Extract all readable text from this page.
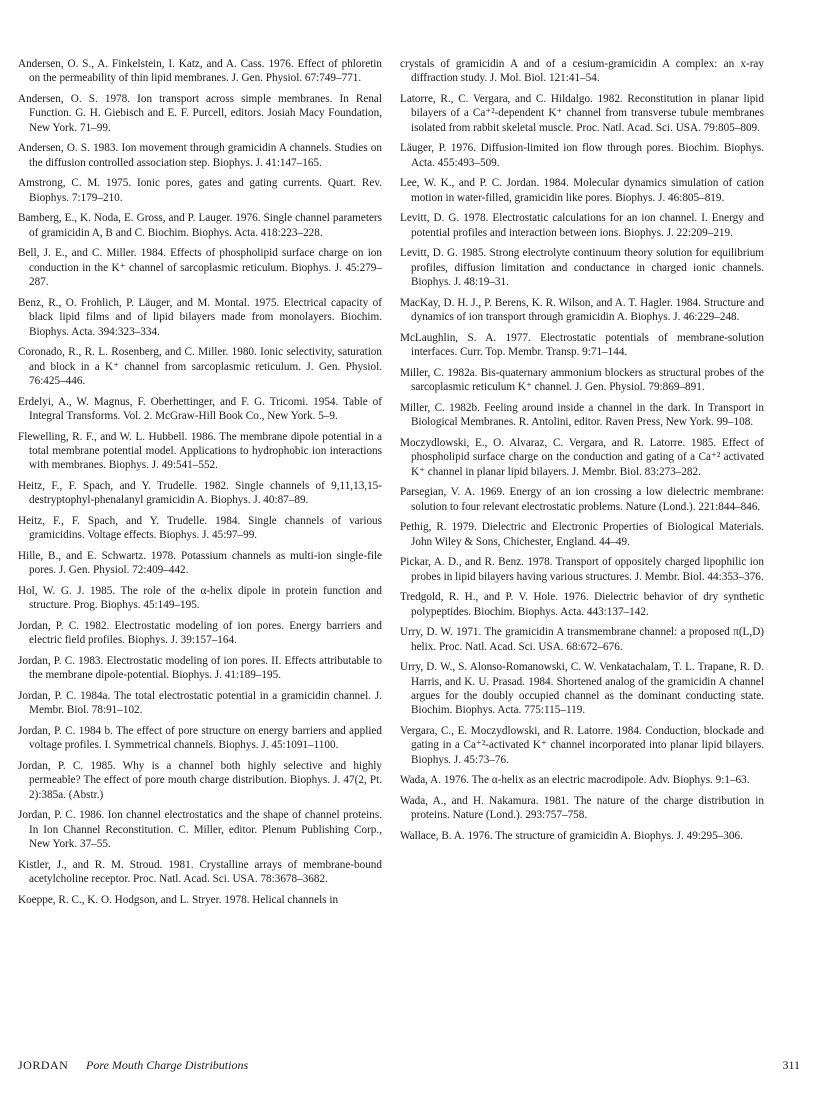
Andersen, O. S., A. Finkelstein, I. Katz, and A. Cass. 1976. Effect of phloretin on the permeability of thin lipid membranes. J. Gen. Physiol. 67:749–771.

Andersen, O. S. 1978. Ion transport across simple membranes. In Renal Function. G. H. Giebisch and E. F. Purcell, editors. Josiah Macy Foundation, New York. 71–99.

Andersen, O. S. 1983. Ion movement through gramicidin A channels. Studies on the diffusion controlled association step. Biophys. J. 41:147–165.

Amstrong, C. M. 1975. Ionic pores, gates and gating currents. Quart. Rev. Biophys. 7:179–210.

Bamberg, E., K. Noda, E. Gross, and P. Lauger. 1976. Single channel parameters of gramicidin A, B and C. Biochim. Biophys. Acta. 418:223–228.

Bell, J. E., and C. Miller. 1984. Effects of phospholipid surface charge on ion conduction in the K⁺ channel of sarcoplasmic reticulum. Biophys. J. 45:279–287.

Benz, R., O. Frohlich, P. Läuger, and M. Montal. 1975. Electrical capacity of black lipid films and of lipid bilayers made from monolayers. Biochim. Biophys. Acta. 394:323–334.

Coronado, R., R. L. Rosenberg, and C. Miller. 1980. Ionic selectivity, saturation and block in a K⁺ channel from sarcoplasmic reticulum. J. Gen. Physiol. 76:425–446.

Erdelyi, A., W. Magnus, F. Oberhettinger, and F. G. Tricomi. 1954. Table of Integral Transforms. Vol. 2. McGraw-Hill Book Co., New York. 5–9.

Flewelling, R. F., and W. L. Hubbell. 1986. The membrane dipole potential in a total membrane potential model. Applications to hydrophobic ion interactions with membranes. Biophys. J. 49:541–552.

Heitz, F., F. Spach, and Y. Trudelle. 1982. Single channels of 9,11,13,15-destryptophyl-phenalanyl gramicidin A. Biophys. J. 40:87–89.

Heitz, F., F. Spach, and Y. Trudelle. 1984. Single channels of various gramicidins. Voltage effects. Biophys. J. 45:97–99.

Hille, B., and E. Schwartz. 1978. Potassium channels as multi-ion single-file pores. J. Gen. Physiol. 72:409–442.

Hol, W. G. J. 1985. The role of the α-helix dipole in protein function and structure. Prog. Biophys. 45:149–195.

Jordan, P. C. 1982. Electrostatic modeling of ion pores. Energy barriers and electric field profiles. Biophys. J. 39:157–164.

Jordan, P. C. 1983. Electrostatic modeling of ion pores. II. Effects attributable to the membrane dipole-potential. Biophys. J. 41:189–195.

Jordan, P. C. 1984a. The total electrostatic potential in a gramicidin channel. J. Membr. Biol. 78:91–102.

Jordan, P. C. 1984 b. The effect of pore structure on energy barriers and applied voltage profiles. I. Symmetrical channels. Biophys. J. 45:1091–1100.

Jordan, P. C. 1985. Why is a channel both highly selective and highly permeable? The effect of pore mouth charge distribution. Biophys. J. 47(2, Pt. 2):385a. (Abstr.)

Jordan, P. C. 1986. Ion channel electrostatics and the shape of channel proteins. In Ion Channel Reconstitution. C. Miller, editor. Plenum Publishing Corp., New York. 37–55.

Kistler, J., and R. M. Stroud. 1981. Crystalline arrays of membrane-bound acetylcholine receptor. Proc. Natl. Acad. Sci. USA. 78:3678–3682.

Koeppe, R. C., K. O. Hodgson, and L. Stryer. 1978. Helical channels in

crystals of gramicidin A and of a cesium-gramicidin A complex: an x-ray diffraction study. J. Mol. Biol. 121:41–54.

Latorre, R., C. Vergara, and C. Hildalgo. 1982. Reconstitution in planar lipid bilayers of a Ca⁺²-dependent K⁺ channel from transverse tubule membranes isolated from rabbit skeletal muscle. Proc. Natl. Acad. Sci. USA. 79:805–809.

Läuger, P. 1976. Diffusion-limited ion flow through pores. Biochim. Biophys. Acta. 455:493–509.

Lee, W. K., and P. C. Jordan. 1984. Molecular dynamics simulation of cation motion in water-filled, gramicidin like pores. Biophys. J. 46:805–819.

Levitt, D. G. 1978. Electrostatic calculations for an ion channel. I. Energy and potential profiles and interaction between ions. Biophys. J. 22:209–219.

Levitt, D. G. 1985. Strong electrolyte continuum theory solution for equilibrium profiles, diffusion limitation and conductance in charged ionic channels. Biophys. J. 48:19–31.

MacKay, D. H. J., P. Berens, K. R. Wilson, and A. T. Hagler. 1984. Structure and dynamics of ion transport through gramicidin A. Biophys. J. 46:229–248.

McLaughlin, S. A. 1977. Electrostatic potentials of membrane-solution interfaces. Curr. Top. Membr. Transp. 9:71–144.

Miller, C. 1982a. Bis-quaternary ammonium blockers as structural probes of the sarcoplasmic reticulum K⁺ channel. J. Gen. Physiol. 79:869–891.

Miller, C. 1982b. Feeling around inside a channel in the dark. In Transport in Biological Membranes. R. Antolini, editor. Raven Press, New York. 99–108.

Moczydlowski, E., O. Alvaraz, C. Vergara, and R. Latorre. 1985. Effect of phospholipid surface charge on the conduction and gating of a Ca⁺² activated K⁺ channel in planar lipid bilayers. J. Membr. Biol. 83:273–282.

Parsegian, V. A. 1969. Energy of an ion crossing a low dielectric membrane: solution to four relevant electrostatic problems. Nature (Lond.). 221:844–846.

Pethig, R. 1979. Dielectric and Electronic Properties of Biological Materials. John Wiley & Sons, Chichester, England. 44–49.

Pickar, A. D., and R. Benz. 1978. Transport of oppositely charged lipophilic ion probes in lipid bilayers having various structures. J. Membr. Biol. 44:353–376.

Tredgold, R. H., and P. V. Hole. 1976. Dielectric behavior of dry synthetic polypeptides. Biochim. Biophys. Acta. 443:137–142.

Urry, D. W. 1971. The gramicidin A transmembrane channel: a proposed π(L,D) helix. Proc. Natl. Acad. Sci. USA. 68:672–676.

Urry, D. W., S. Alonso-Romanowski, C. W. Venkatachalam, T. L. Trapane, R. D. Harris, and K. U. Prasad. 1984. Shortened analog of the gramicidin A channel argues for the doubly occupied channel as the dominant conducting state. Biochim. Biophys. Acta. 775:115–119.

Vergara, C., E. Moczydlowski, and R. Latorre. 1984. Conduction, blockade and gating in a Ca⁺²-activated K⁺ channel incorporated into planar lipid bilayers. Biophys. J. 45:73–76.

Wada, A. 1976. The α-helix as an electric macrodipole. Adv. Biophys. 9:1–63.

Wada, A., and H. Nakamura. 1981. The nature of the charge distribution in proteins. Nature (Lond.). 293:757–758.

Wallace, B. A. 1976. The structure of gramicidin A. Biophys. J. 49:295–306.

JORDAN Pore Mouth Charge Distributions	311
